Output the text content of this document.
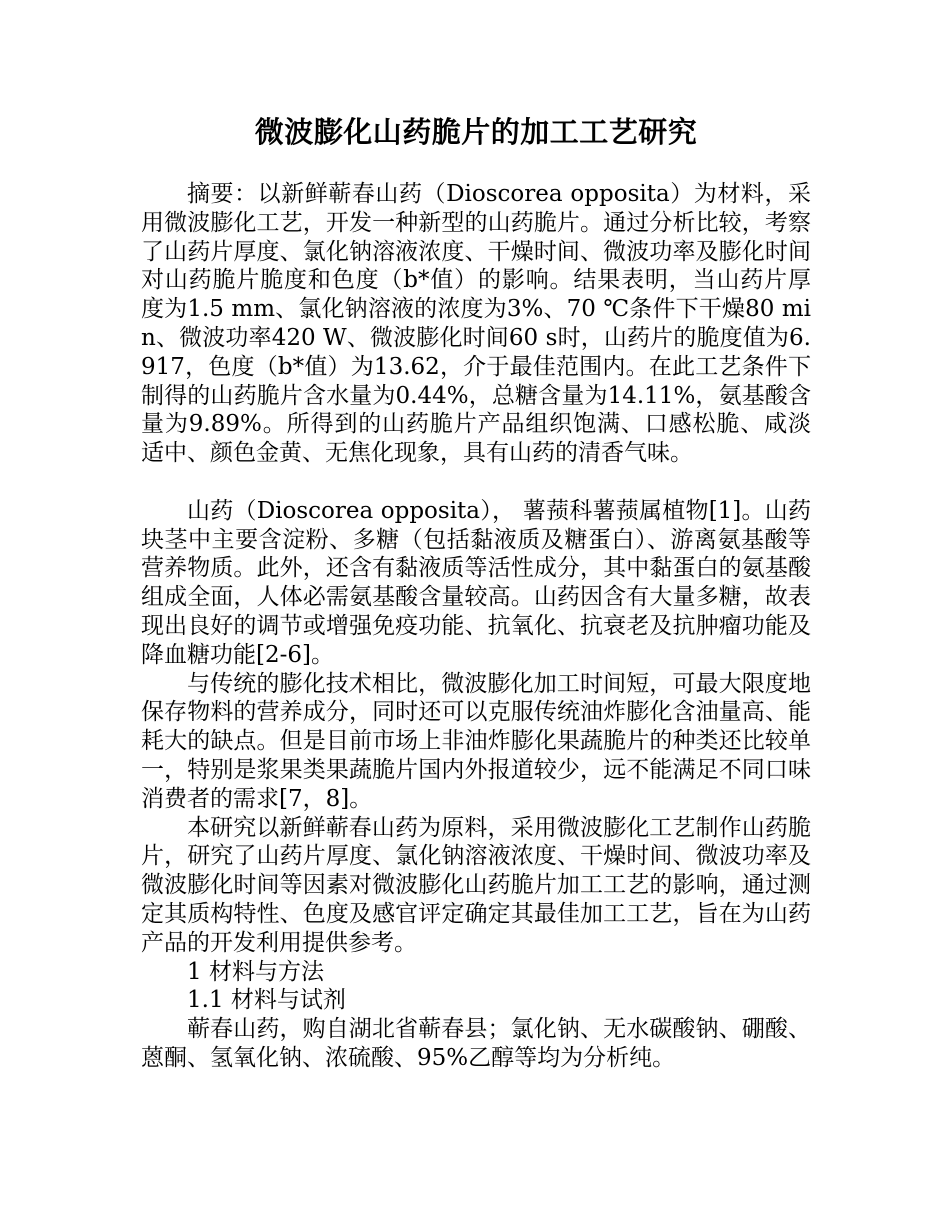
微波膨化山药脆片的加工工艺研究

摘要：以新鲜蕲春山药（Dioscorea opposita）为材料，采用微波膨化工艺，开发一种新型的山药脆片。通过分析比较，考察了山药片厚度、氯化钠溶液浓度、干燥时间、微波功率及膨化时间对山药脆片脆度和色度（b*值）的影响。结果表明，当山药片厚度为1.5 mm、氯化钠溶液的浓度为3%、70 ℃条件下干燥80 min、微波功率420 W、微波膨化时间60 s时，山药片的脆度值为6.917，色度（b*值）为13.62，介于最佳范围内。在此工艺条件下制得的山药脆片含水量为0.44%，总糖含量为14.11%，氨基酸含量为9.89%。所得到的山药脆片产品组织饱满、口感松脆、咸淡适中、颜色金黄、无焦化现象，具有山药的清香气味。

山药（Dioscorea opposita）， 薯蓣科薯蓣属植物[1]。山药块茎中主要含淀粉、多糖（包括黏液质及糖蛋白）、游离氨基酸等营养物质。此外，还含有黏液质等活性成分，其中黏蛋白的氨基酸组成全面，人体必需氨基酸含量较高。山药因含有大量多糖，故表现出良好的调节或增强免疫功能、抗氧化、抗衰老及抗肿瘤功能及降血糖功能[2-6]。

与传统的膨化技术相比，微波膨化加工时间短，可最大限度地保存物料的营养成分，同时还可以克服传统油炸膨化含油量高、能耗大的缺点。但是目前市场上非油炸膨化果蔬脆片的种类还比较单一，特别是浆果类果蔬脆片国内外报道较少，远不能满足不同口味消费者的需求[7，8]。

本研究以新鲜蕲春山药为原料，采用微波膨化工艺制作山药脆片，研究了山药片厚度、氯化钠溶液浓度、干燥时间、微波功率及微波膨化时间等因素对微波膨化山药脆片加工工艺的影响，通过测定其质构特性、色度及感官评定确定其最佳加工工艺，旨在为山药产品的开发利用提供参考。

1 材料与方法
1.1 材料与试剂

蕲春山药，购自湖北省蕲春县；氯化钠、无水碳酸钠、硼酸、蒽酮、氢氧化钠、浓硫酸、95%乙醇等均为分析纯。
